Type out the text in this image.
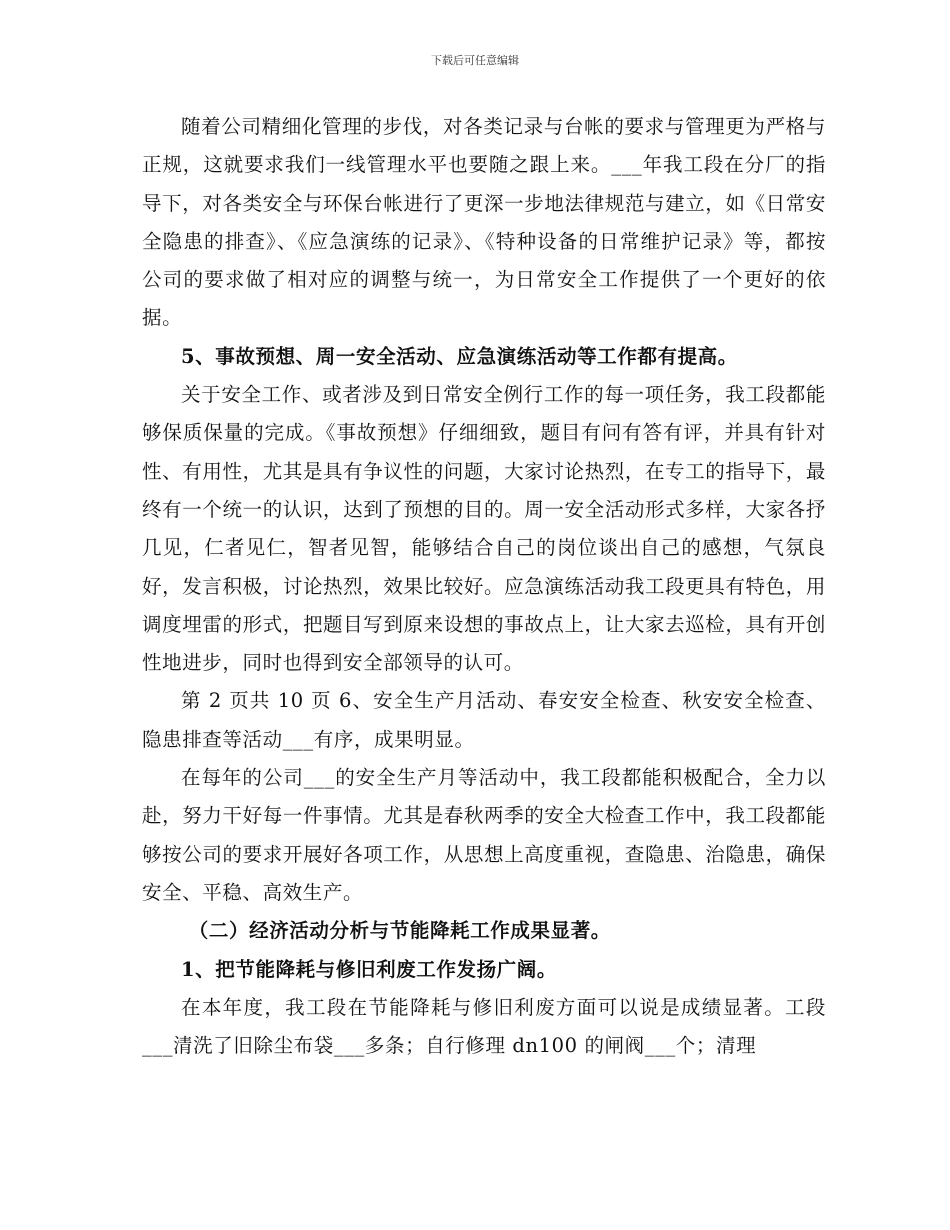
下载后可任意编辑

随着公司精细化管理的步伐，对各类记录与台帐的要求与管理更为严格与正规，这就要求我们一线管理水平也要随之跟上来。___年我工段在分厂的指导下，对各类安全与环保台帐进行了更深一步地法律规范与建立，如《日常安全隐患的排查》、《应急演练的记录》、《特种设备的日常维护记录》等，都按公司的要求做了相对应的调整与统一，为日常安全工作提供了一个更好的依据。

5、事故预想、周一安全活动、应急演练活动等工作都有提高。

关于安全工作、或者涉及到日常安全例行工作的每一项任务，我工段都能够保质保量的完成。《事故预想》仔细细致，题目有问有答有评，并具有针对性、有用性，尤其是具有争议性的问题，大家讨论热烈，在专工的指导下，最终有一个统一的认识，达到了预想的目的。周一安全活动形式多样，大家各抒几见，仁者见仁，智者见智，能够结合自己的岗位谈出自己的感想，气氛良好，发言积极，讨论热烈，效果比较好。应急演练活动我工段更具有特色，用调度埋雷的形式，把题目写到原来设想的事故点上，让大家去巡检，具有开创性地进步，同时也得到安全部领导的认可。

第 2 页共 10 页 6、安全生产月活动、春安安全检查、秋安安全检查、隐患排查等活动___有序，成果明显。

在每年的公司___的安全生产月等活动中，我工段都能积极配合，全力以赴，努力干好每一件事情。尤其是春秋两季的安全大检查工作中，我工段都能够按公司的要求开展好各项工作，从思想上高度重视，查隐患、治隐患，确保安全、平稳、高效生产。

（二）经济活动分析与节能降耗工作成果显著。

1、把节能降耗与修旧利废工作发扬广阔。

在本年度，我工段在节能降耗与修旧利废方面可以说是成绩显著。工段___清洗了旧除尘布袋___多条；自行修理 dn100 的闸阀___个；清理
